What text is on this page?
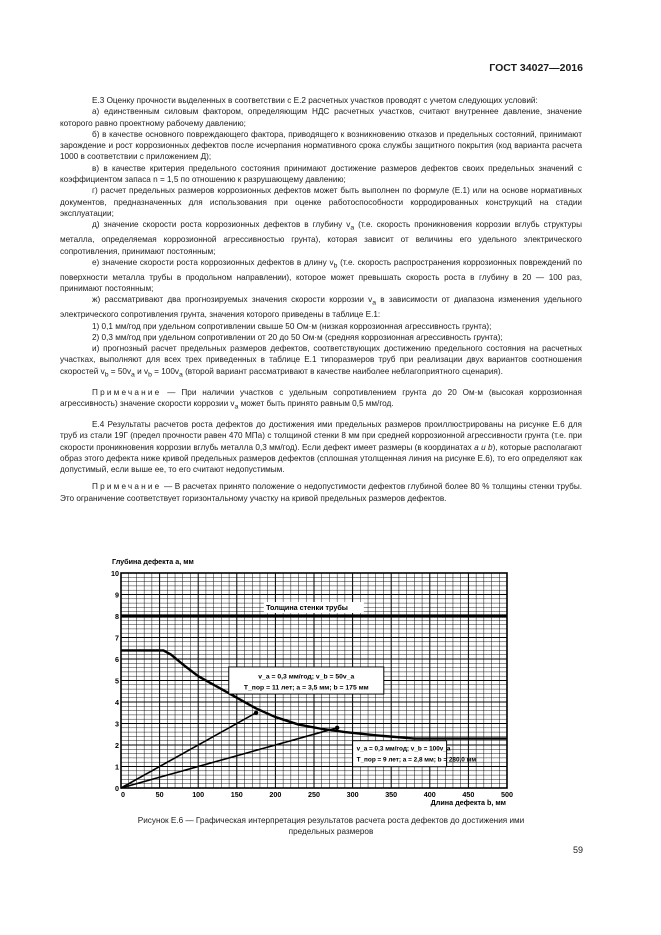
ГОСТ 34027—2016

Е.3 Оценку прочности выделенных в соответствии с Е.2 расчетных участков проводят с учетом следующих условий:

а) единственным силовым фактором, определяющим НДС расчетных участков, считают внутреннее давление, значение которого равно проектному рабочему давлению;

б) в качестве основного повреждающего фактора, приводящего к возникновению отказов и предельных состояний, принимают зарождение и рост коррозионных дефектов после исчерпания нормативного срока службы защитного покрытия (код варианта расчета 1000 в соответствии с приложением Д);

в) в качестве критерия предельного состояния принимают достижение размеров дефектов своих предельных значений с коэффициентом запаса n = 1,5 по отношению к разрушающему давлению;

г) расчет предельных размеров коррозионных дефектов может быть выполнен по формуле (Е.1) или на основе нормативных документов, предназначенных для использования при оценке работоспособности корродированных конструкций на стадии эксплуатации;

д) значение скорости роста коррозионных дефектов в глубину $v_a$ (т.е. скорость проникновения коррозии вглубь структуры металла, определяемая коррозионной агрессивностью грунта), которая зависит от величины его удельного электрического сопротивления, принимают постоянным;

е) значение скорости роста коррозионных дефектов в длину $v_b$ (т.е. скорость распространения коррозионных повреждений по поверхности металла трубы в продольном направлении), которое может превышать скорость роста в глубину в 20 — 100 раз, принимают постоянным;

ж) рассматривают два прогнозируемых значения скорости коррозии $v_a$ в зависимости от диапазона изменения удельного электрического сопротивления грунта, значения которого приведены в таблице Е.1:

1) 0,1 мм/год при удельном сопротивлении свыше 50 Ом·м (низкая коррозионная агрессивность грунта);

2) 0,3 мм/год при удельном сопротивлении от 20 до 50 Ом·м (средняя коррозионная агрессивность грунта);

и) прогнозный расчет предельных размеров дефектов, соответствующих достижению предельного состояния на расчетных участках, выполняют для всех трех приведенных в таблице Е.1 типоразмеров труб при реализации двух вариантов соотношения скоростей $v_b = 50v_a$ и $v_b = 100v_a$ (второй вариант рассматривают в качестве наиболее неблагоприятного сценария).

Примечание — При наличии участков с удельным сопротивлением грунта до 20 Ом·м (высокая коррозионная агрессивность) значение скорости коррозии $v_a$ может быть принято равным 0,5 мм/год.

Е.4 Результаты расчетов роста дефектов до достижения ими предельных размеров проиллюстрированы на рисунке Е.6 для труб из стали 19Г (предел прочности равен 470 МПа) с толщиной стенки 8 мм при средней коррозионной агрессивности грунта (т.е. при скорости проникновения коррозии вглубь металла 0,3 мм/год). Если дефект имеет размеры (в координатах a и b), которые располагают образ этого дефекта ниже кривой предельных размеров дефектов (сплошная утолщенная линия на рисунке Е.6), то его определяют как допустимый, если выше ее, то его считают недопустимым.

Примечание — В расчетах принято положение о недопустимости дефектов глубиной более 80 % толщины стенки трубы. Это ограничение соответствует горизонтальному участку на кривой предельных размеров дефектов.

Глубина дефекта a, мм
0
1
2
3
4
5
6
7
8
9
10
0	50	100	150	200	250	300	350	400	450	500
Толщина стенки трубы
v_a = 0,3 мм/год; v_b = 50v_a
T_пор = 11 лет; a = 3,5 мм; b = 175 мм
v_a = 0,3 мм/год; v_b = 100v_a
T_пор = 9 лет; a = 2,8 мм; b = 280,0 мм
Длина дефекта b, мм
Рисунок Е.6 — Графическая интерпретация результатов расчета роста дефектов до достижения ими
предельных размеров
59
